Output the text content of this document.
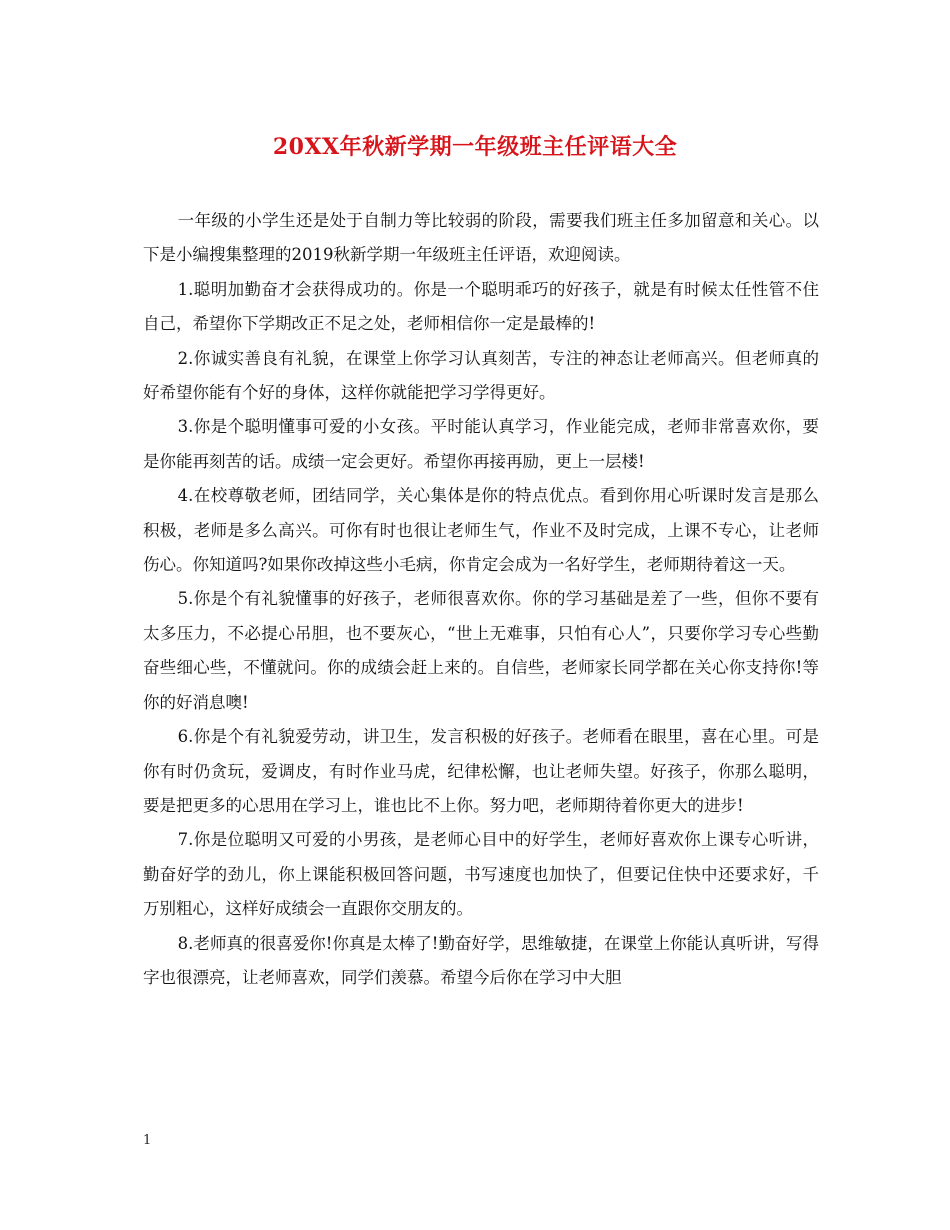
20XX年秋新学期一年级班主任评语大全

一年级的小学生还是处于自制力等比较弱的阶段，需要我们班主任多加留意和关心。以下是小编搜集整理的2019秋新学期一年级班主任评语，欢迎阅读。

1.聪明加勤奋才会获得成功的。你是一个聪明乖巧的好孩子，就是有时候太任性管不住自己，希望你下学期改正不足之处，老师相信你一定是最棒的!

2.你诚实善良有礼貌，在课堂上你学习认真刻苦，专注的神态让老师高兴。但老师真的好希望你能有个好的身体，这样你就能把学习学得更好。

3.你是个聪明懂事可爱的小女孩。平时能认真学习，作业能完成，老师非常喜欢你，要是你能再刻苦的话。成绩一定会更好。希望你再接再励，更上一层楼!

4.在校尊敬老师，团结同学，关心集体是你的特点优点。看到你用心听课时发言是那么积极，老师是多么高兴。可你有时也很让老师生气，作业不及时完成，上课不专心，让老师伤心。你知道吗?如果你改掉这些小毛病，你肯定会成为一名好学生，老师期待着这一天。

5.你是个有礼貌懂事的好孩子，老师很喜欢你。你的学习基础是差了一些，但你不要有太多压力，不必提心吊胆，也不要灰心，“世上无难事，只怕有心人”，只要你学习专心些勤奋些细心些，不懂就问。你的成绩会赶上来的。自信些，老师家长同学都在关心你支持你!等你的好消息噢!

6.你是个有礼貌爱劳动，讲卫生，发言积极的好孩子。老师看在眼里，喜在心里。可是你有时仍贪玩，爱调皮，有时作业马虎，纪律松懈，也让老师失望。好孩子，你那么聪明，要是把更多的心思用在学习上，谁也比不上你。努力吧，老师期待着你更大的进步!

7.你是位聪明又可爱的小男孩，是老师心目中的好学生，老师好喜欢你上课专心听讲，勤奋好学的劲儿，你上课能积极回答问题，书写速度也加快了，但要记住快中还要求好，千万别粗心，这样好成绩会一直跟你交朋友的。

8.老师真的很喜爱你!你真是太棒了!勤奋好学，思维敏捷，在课堂上你能认真听讲，写得字也很漂亮，让老师喜欢，同学们羡慕。希望今后你在学习中大胆

1
